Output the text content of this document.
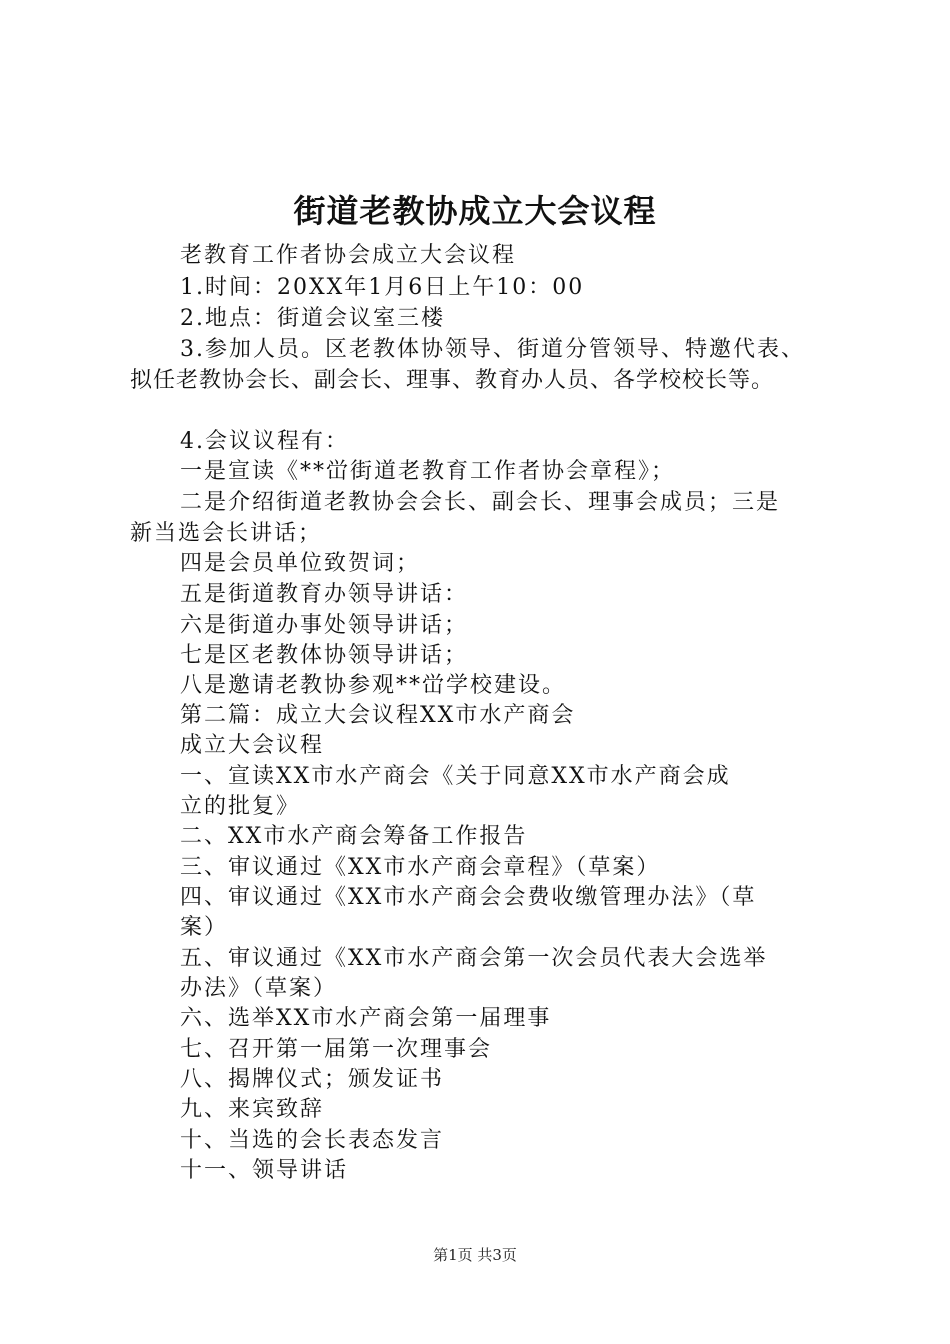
街道老教协成立大会议程
老教育工作者协会成立大会议程
1.时间：20XX年1月6日上午10：00
2.地点：街道会议室三楼
3.参加人员。区老教体协领导、街道分管领导、特邀代表、
拟任老教协会长、副会长、理事、教育办人员、各学校校长等。
4.会议议程有：
一是宣读《**峃街道老教育工作者协会章程》；
二是介绍街道老教协会会长、副会长、理事会成员；三是
新当选会长讲话；
四是会员单位致贺词；
五是街道教育办领导讲话：
六是街道办事处领导讲话；
七是区老教体协领导讲话；
八是邀请老教协参观**峃学校建设。
第二篇：成立大会议程XX市水产商会
成立大会议程
一、宣读XX市水产商会《关于同意XX市水产商会成
立的批复》
二、XX市水产商会筹备工作报告
三、审议通过《XX市水产商会章程》（草案）
四、审议通过《XX市水产商会会费收缴管理办法》（草
案）
五、审议通过《XX市水产商会第一次会员代表大会选举
办法》（草案）
六、选举XX市水产商会第一届理事
七、召开第一届第一次理事会
八、揭牌仪式；颁发证书
九、来宾致辞
十、当选的会长表态发言
十一、领导讲话
第1页 共3页
